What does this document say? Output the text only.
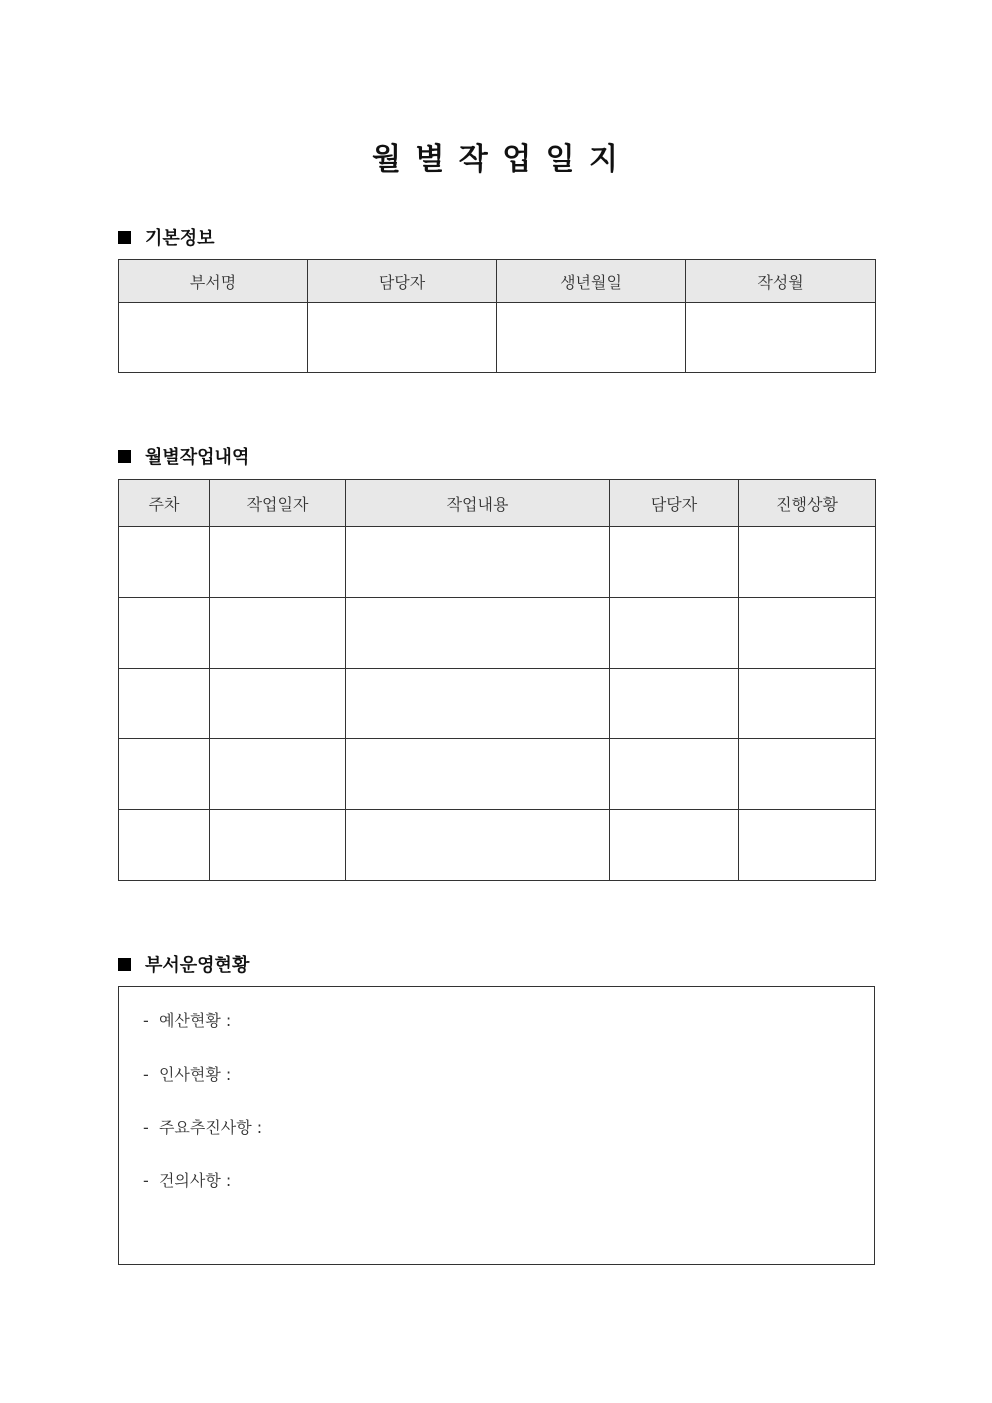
월 별 작 업 일 지
기본정보
부서명	담당자	생년월일	작성월

월별작업내역
주차	작업일자	작업내용	담당자	진행상황

부서운영현황
-  예산현황 :
-  인사현황 :
-  주요추진사항 :
-  건의사항 :
